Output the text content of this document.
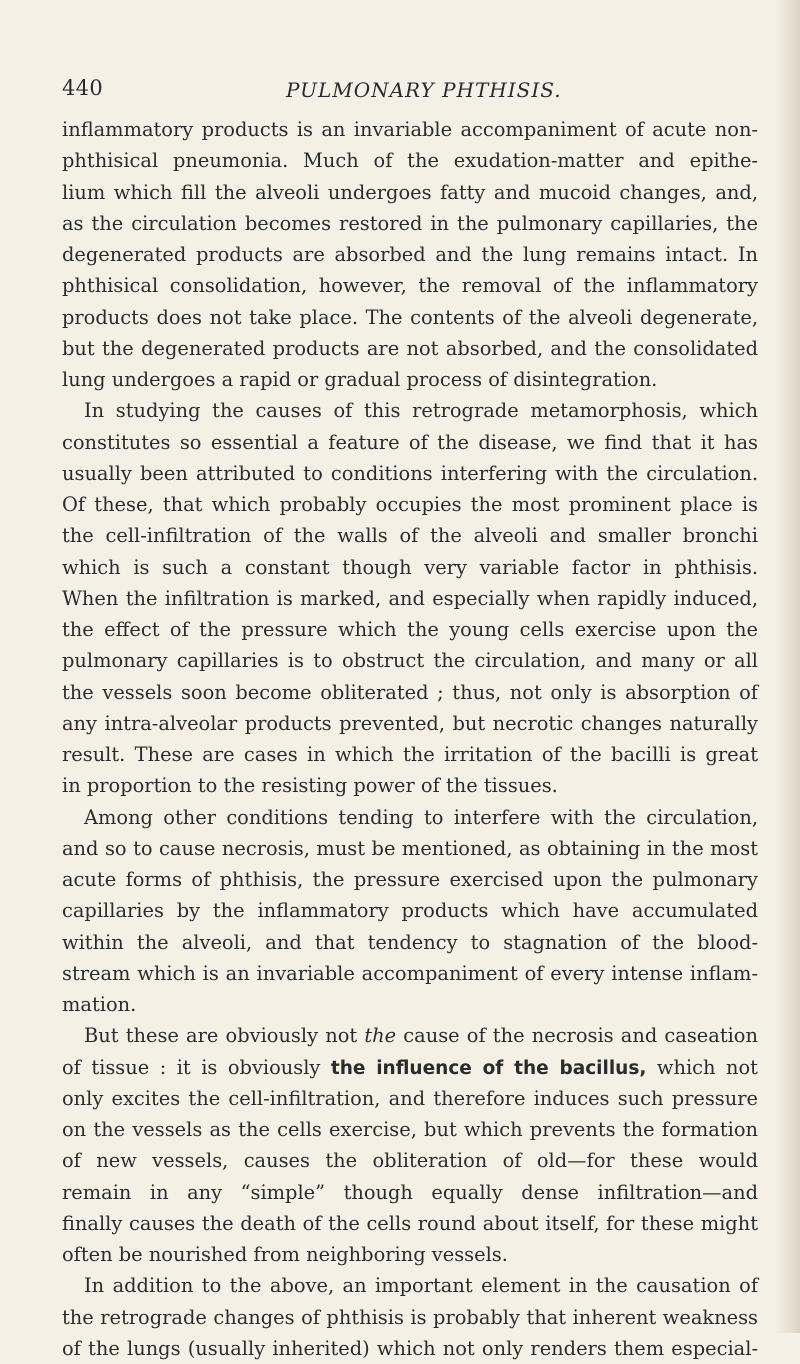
440	PULMONARY PHTHISIS.
inflammatory products is an invariable accompaniment of acute non-
phthisical pneumonia. Much of the exudation-matter and epithe-
lium which fill the alveoli undergoes fatty and mucoid changes, and,
as the circulation becomes restored in the pulmonary capillaries, the
degenerated products are absorbed and the lung remains intact. In
phthisical consolidation, however, the removal of the inflammatory
products does not take place. The contents of the alveoli degenerate,
but the degenerated products are not absorbed, and the consolidated
lung undergoes a rapid or gradual process of disintegration.
In studying the causes of this retrograde metamorphosis, which
constitutes so essential a feature of the disease, we find that it has
usually been attributed to conditions interfering with the circulation.
Of these, that which probably occupies the most prominent place is
the cell-infiltration of the walls of the alveoli and smaller bronchi
which is such a constant though very variable factor in phthisis.
When the infiltration is marked, and especially when rapidly induced,
the effect of the pressure which the young cells exercise upon the
pulmonary capillaries is to obstruct the circulation, and many or all
the vessels soon become obliterated ; thus, not only is absorption of
any intra-alveolar products prevented, but necrotic changes naturally
result. These are cases in which the irritation of the bacilli is great
in proportion to the resisting power of the tissues.
Among other conditions tending to interfere with the circulation,
and so to cause necrosis, must be mentioned, as obtaining in the most
acute forms of phthisis, the pressure exercised upon the pulmonary
capillaries by the inflammatory products which have accumulated
within the alveoli, and that tendency to stagnation of the blood-
stream which is an invariable accompaniment of every intense inflam-
mation.
But these are obviously not the cause of the necrosis and caseation
of tissue : it is obviously the influence of the bacillus, which not
only excites the cell-infiltration, and therefore induces such pressure
on the vessels as the cells exercise, but which prevents the formation
of new vessels, causes the obliteration of old—for these would
remain in any “simple” though equally dense infiltration—and
finally causes the death of the cells round about itself, for these might
often be nourished from neighboring vessels.
In addition to the above, an important element in the causation of
the retrograde changes of phthisis is probably that inherent weakness
of the lungs (usually inherited) which not only renders them especial-
